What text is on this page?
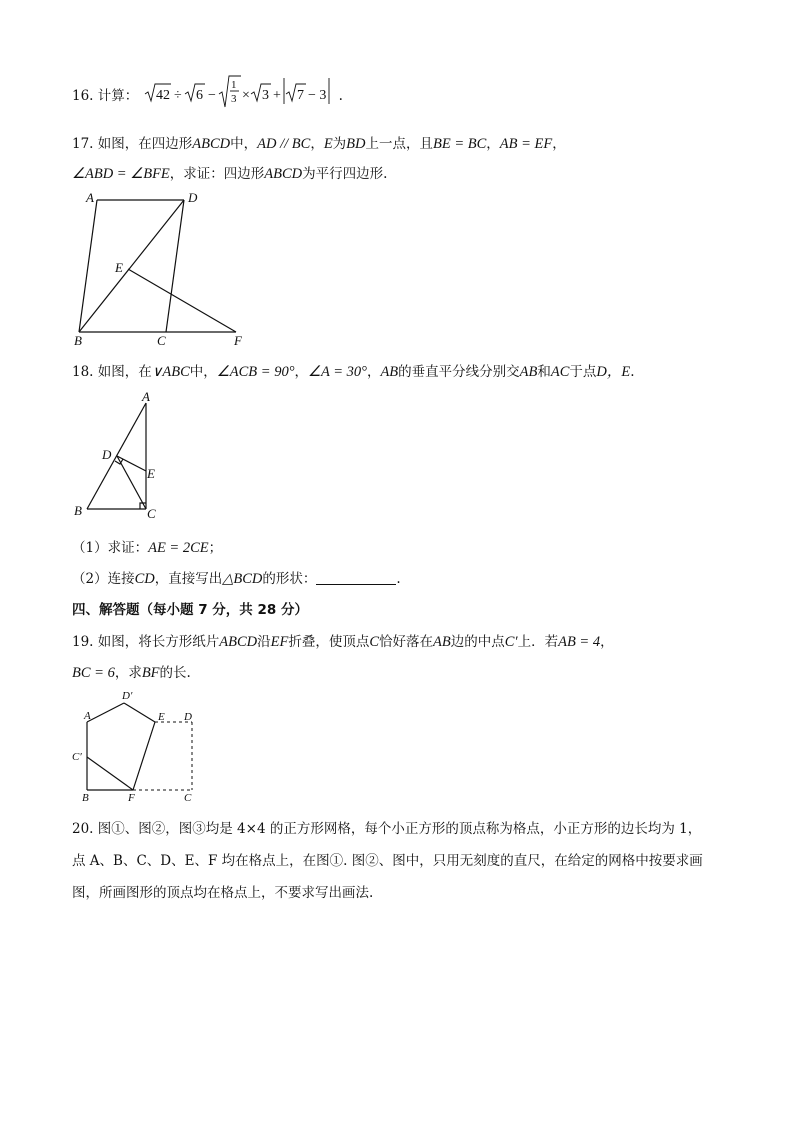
16. 计算： 42 ÷ 6 −
1
3 × 3 + 7 − 3 .
17. 如图，在四边形ABCD中，AD // BC，E为BD上一点，且BE = BC，AB = EF，
∠ABD = ∠BFE，求证：四边形ABCD为平行四边形.
A	D
E
B	C	F
18. 如图，在∨ABC中，∠ACB = 90°，∠A = 30°，AB的垂直平分线分别交AB和AC于点D，E.
A
D
E
B	C
（1）求证：AE = 2CE；
（2）连接CD，直接写出△BCD的形状：	.
四、解答题（每小题 7 分，共 28 分）
19. 如图，将长方形纸片ABCD沿EF折叠，使顶点C恰好落在AB边的中点C′上．若AB = 4，
BC = 6，求BF的长.
D′
A	E D
C′
B	F	C
20. 图①、图②，图③均是 4×4 的正方形网格，每个小正方形的顶点称为格点，小正方形的边长均为 1，
点 A、B、C、D、E、F 均在格点上，在图①. 图②、图中，只用无刻度的直尺，在给定的网格中按要求画
图，所画图形的顶点均在格点上，不要求写出画法.
